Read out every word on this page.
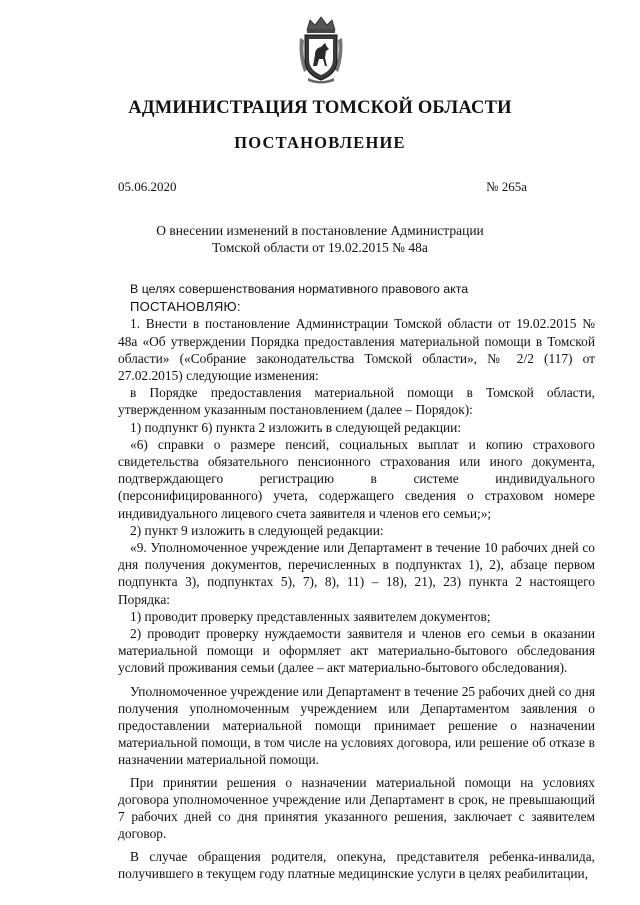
АДМИНИСТРАЦИЯ ТОМСКОЙ ОБЛАСТИ
ПОСТАНОВЛЕНИЕ
05.06.2020	№ 265а
О внесении изменений в постановление Администрации
Томской области от 19.02.2015 № 48а

В целях совершенствования нормативного правового акта

ПОСТАНОВЛЯЮ:

1. Внести в постановление Администрации Томской области от 19.02.2015 № 48а «Об утверждении Порядка предоставления материальной помощи в Томской области» («Собрание законодательства Томской области», № 2/2 (117) от 27.02.2015) следующие изменения:

в Порядке предоставления материальной помощи в Томской области, утвержденном указанным постановлением (далее – Порядок):

1) подпункт 6) пункта 2 изложить в следующей редакции:

«6) справки о размере пенсий, социальных выплат и копию страхового свидетельства обязательного пенсионного страхования или иного документа, подтверждающего регистрацию в системе индивидуального (персонифицированного) учета, содержащего сведения о страховом номере индивидуального лицевого счета заявителя и членов его семьи;»;

2) пункт 9 изложить в следующей редакции:

«9. Уполномоченное учреждение или Департамент в течение 10 рабочих дней со дня получения документов, перечисленных в подпунктах 1), 2), абзаце первом подпункта 3), подпунктах 5), 7), 8), 11) – 18), 21), 23) пункта 2 настоящего Порядка:

1) проводит проверку представленных заявителем документов;

2) проводит проверку нуждаемости заявителя и членов его семьи в оказании материальной помощи и оформляет акт материально-бытового обследования условий проживания семьи (далее – акт материально-бытового обследования).

Уполномоченное учреждение или Департамент в течение 25 рабочих дней со дня получения уполномоченным учреждением или Департаментом заявления о предоставлении материальной помощи принимает решение о назначении материальной помощи, в том числе на условиях договора, или решение об отказе в назначении материальной помощи.

При принятии решения о назначении материальной помощи на условиях договора уполномоченное учреждение или Департамент в срок, не превышающий 7 рабочих дней со дня принятия указанного решения, заключает с заявителем договор.

В случае обращения родителя, опекуна, представителя ребенка-инвалида, получившего в текущем году платные медицинские услуги в целях реабилитации,
